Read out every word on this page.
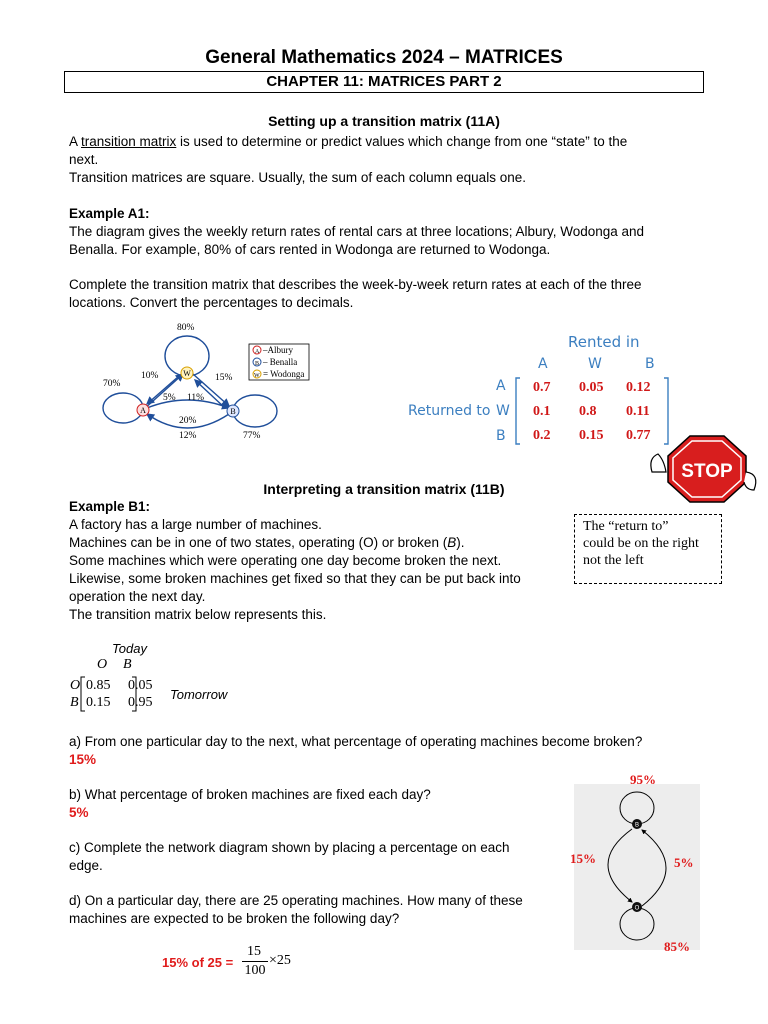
General Mathematics 2024 – MATRICES
CHAPTER 11: MATRICES PART 2
Setting up a transition matrix (11A)
A transition matrix is used to determine or predict values which change from one “state” to the
next.
Transition matrices are square. Usually, the sum of each column equals one.
Example A1:
The diagram gives the weekly return rates of rental cars at three locations; Albury, Wodonga and
Benalla. For example, 80% of cars rented in Wodonga are returned to Wodonga.
Complete the transition matrix that describes the week-by-week return rates at each of the three
locations. Convert the percentages to decimals.
W
A	B
80%
70%
77%
10%	15%
5% 11%
20%
12%
A –Albury
B – Benalla
W = Wodonga
Rented in
A	W	B
A
Returned to W
B
0.7 0.05 0.12
0.1 0.8 0.11
0.2 0.15 0.77
STOP
Interpreting a transition matrix (11B)
Example B1:
A factory has a large number of machines.
Machines can be in one of two states, operating (O) or broken (B).
Some machines which were operating one day become broken the next.
Likewise, some broken machines get fixed so that they can be put back into
operation the next day.
The transition matrix below represents this.
The “return to”
could be on the right
not the left
Today
O B
O
B
0.85 0.05
0.15 0.95
Tomorrow
a) From one particular day to the next, what percentage of operating machines become broken?
15%
b) What percentage of broken machines are fixed each day?
5%
c) Complete the network diagram shown by placing a percentage on each
edge.
d) On a particular day, there are 25 operating machines. How many of these
machines are expected to be broken the following day?
15% of 25 =
15
100
×25
B
O
95%
15%	5%
85%
